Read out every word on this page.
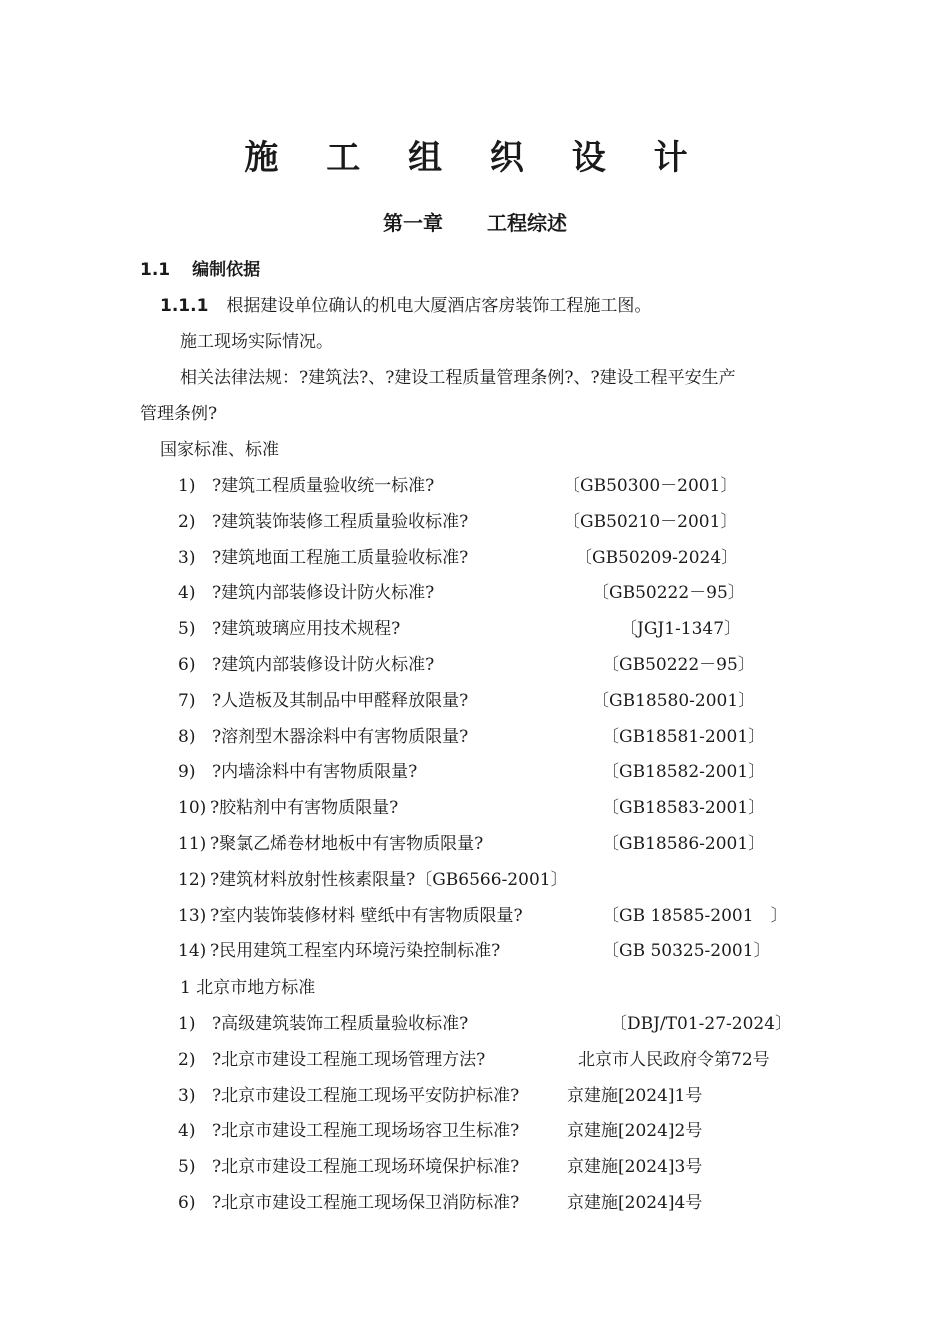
施 工 组 织 设 计
第一章 工程综述
1.1 编制依据
1.1.1 根据建设单位确认的机电大厦酒店客房装饰工程施工图。
施工现场实际情况。
相关法律法规：?建筑法?、?建设工程质量管理条例?、?建设工程平安生产
管理条例?
国家标准、标准
1) ?建筑工程质量验收统一标准?	〔GB50300－2001〕
2) ?建筑装饰装修工程质量验收标准?	〔GB50210－2001〕
3) ?建筑地面工程施工质量验收标准?	〔GB50209-2024〕
4) ?建筑内部装修设计防火标准?	〔GB50222－95〕
5) ?建筑玻璃应用技术规程?	〔JGJ1-1347〕
6) ?建筑内部装修设计防火标准?	〔GB50222－95〕
7) ?人造板及其制品中甲醛释放限量?	〔GB18580-2001〕
8) ?溶剂型木器涂料中有害物质限量?	〔GB18581-2001〕
9) ?内墙涂料中有害物质限量?	〔GB18582-2001〕
10) ?胶粘剂中有害物质限量?	〔GB18583-2001〕
11) ?聚氯乙烯卷材地板中有害物质限量?	〔GB18586-2001〕
12) ?建筑材料放射性核素限量?〔GB6566-2001〕
13) ?室内装饰装修材料 壁纸中有害物质限量?	〔GB 18585-2001　〕
14) ?民用建筑工程室内环境污染控制标准?	〔GB 50325-2001〕
1 北京市地方标准
1) ?高级建筑装饰工程质量验收标准?	〔DBJ/T01-27-2024〕
2) ?北京市建设工程施工现场管理方法?	北京市人民政府令第72号
3) ?北京市建设工程施工现场平安防护标准?	京建施[2024]1号
4) ?北京市建设工程施工现场场容卫生标准?	京建施[2024]2号
5) ?北京市建设工程施工现场环境保护标准?	京建施[2024]3号
6) ?北京市建设工程施工现场保卫消防标准?	京建施[2024]4号
